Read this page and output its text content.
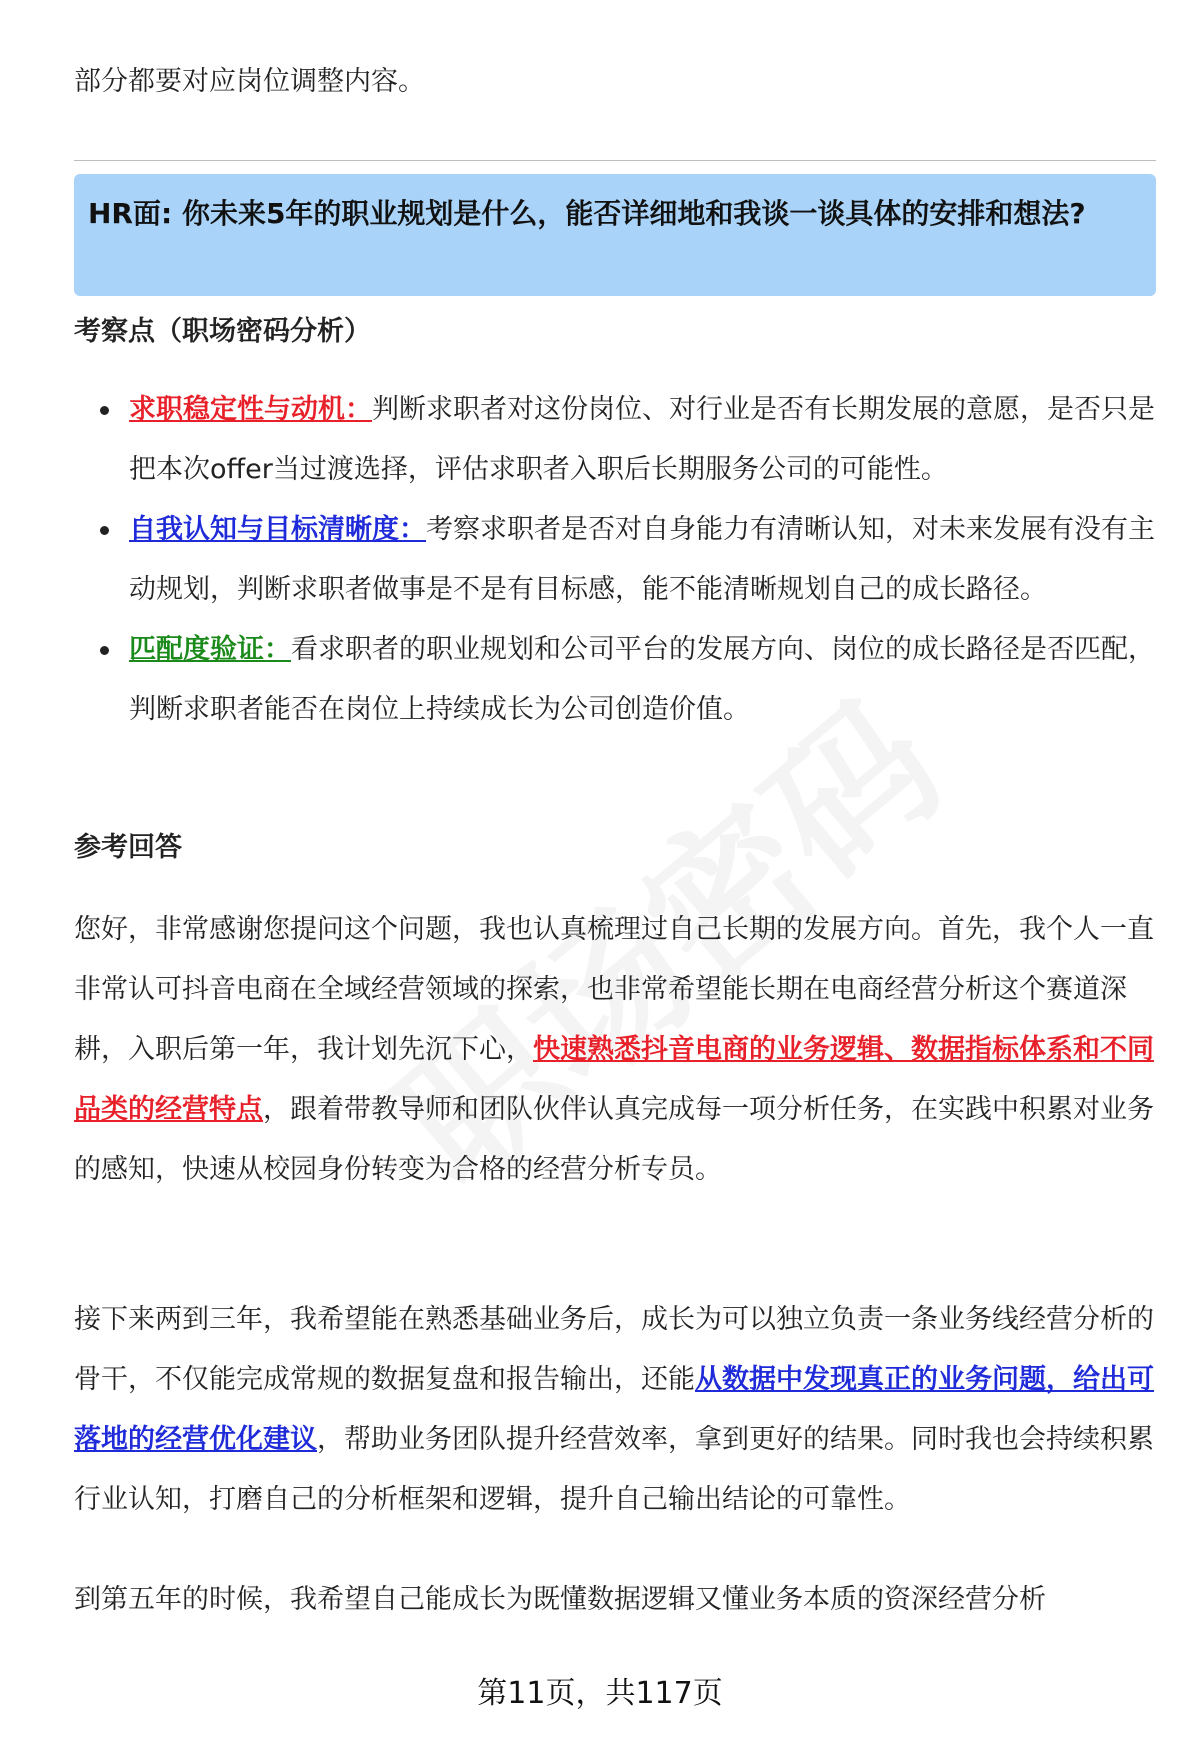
部分都要对应岗位调整内容。

HR面: 你未来5年的职业规划是什么，能否详细地和我谈一谈具体的安排和想法?

考察点（职场密码分析）

求职稳定性与动机：判断求职者对这份岗位、对行业是否有长期发展的意愿，是否只是把本次offer当过渡选择，评估求职者入职后长期服务公司的可能性。
自我认知与目标清晰度：考察求职者是否对自身能力有清晰认知，对未来发展有没有主动规划，判断求职者做事是不是有目标感，能不能清晰规划自己的成长路径。
匹配度验证：看求职者的职业规划和公司平台的发展方向、岗位的成长路径是否匹配，判断求职者能否在岗位上持续成长为公司创造价值。

参考回答

您好，非常感谢您提问这个问题，我也认真梳理过自己长期的发展方向。首先，我个人一直非常认可抖音电商在全域经营领域的探索，也非常希望能长期在电商经营分析这个赛道深耕，入职后第一年，我计划先沉下心，快速熟悉抖音电商的业务逻辑、数据指标体系和不同品类的经营特点，跟着带教导师和团队伙伴认真完成每一项分析任务，在实践中积累对业务的感知，快速从校园身份转变为合格的经营分析专员。

接下来两到三年，我希望能在熟悉基础业务后，成长为可以独立负责一条业务线经营分析的骨干，不仅能完成常规的数据复盘和报告输出，还能从数据中发现真正的业务问题，给出可落地的经营优化建议，帮助业务团队提升经营效率，拿到更好的结果。同时我也会持续积累行业认知，打磨自己的分析框架和逻辑，提升自己输出结论的可靠性。

到第五年的时候，我希望自己能成长为既懂数据逻辑又懂业务本质的资深经营分析

第11页，共117页
